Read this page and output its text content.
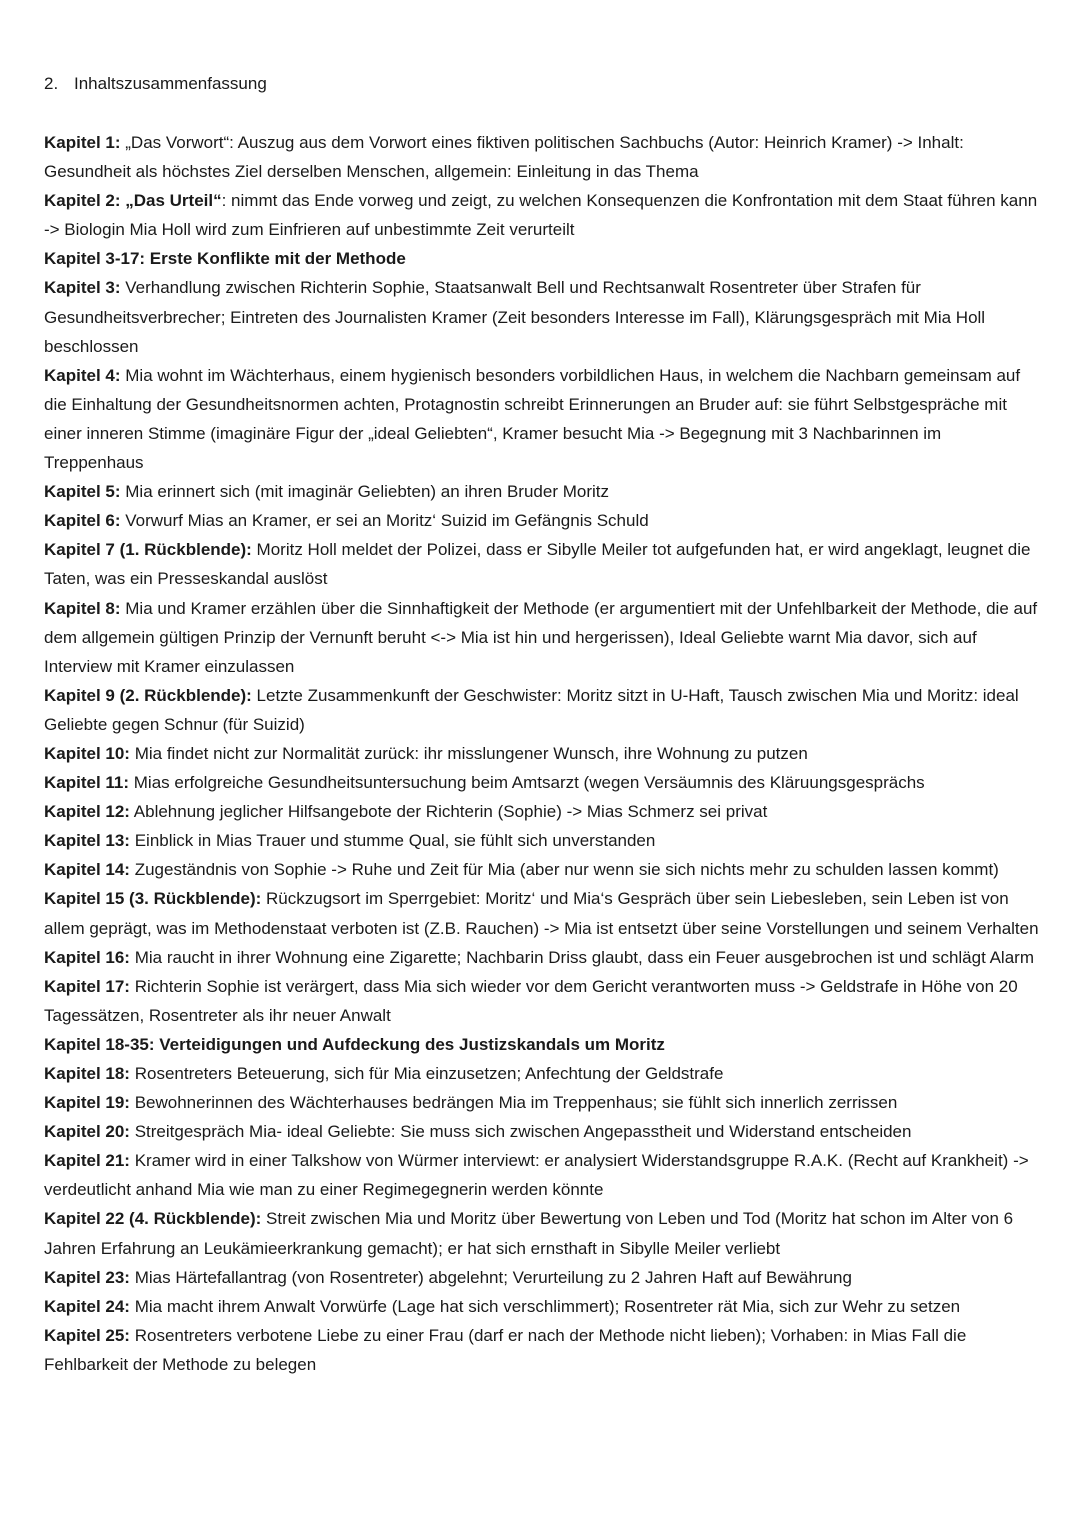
2. Inhaltszusammenfassung

Kapitel 1: „Das Vorwort“: Auszug aus dem Vorwort eines fiktiven politischen Sachbuchs (Autor: Heinrich Kramer) -> Inhalt: Gesundheit als höchstes Ziel derselben Menschen, allgemein: Einleitung in das Thema

Kapitel 2: „Das Urteil“: nimmt das Ende vorweg und zeigt, zu welchen Konsequenzen die Konfrontation mit dem Staat führen kann -> Biologin Mia Holl wird zum Einfrieren auf unbestimmte Zeit verurteilt

Kapitel 3-17: Erste Konflikte mit der Methode

Kapitel 3: Verhandlung zwischen Richterin Sophie, Staatsanwalt Bell und Rechtsanwalt Rosentreter über Strafen für Gesundheitsverbrecher; Eintreten des Journalisten Kramer (Zeit besonders Interesse im Fall), Klärungsgespräch mit Mia Holl beschlossen

Kapitel 4: Mia wohnt im Wächterhaus, einem hygienisch besonders vorbildlichen Haus, in welchem die Nachbarn gemeinsam auf die Einhaltung der Gesundheitsnormen achten, Protagnostin schreibt Erinnerungen an Bruder auf: sie führt Selbstgespräche mit einer inneren Stimme (imaginäre Figur der „ideal Geliebten“, Kramer besucht Mia -> Begegnung mit 3 Nachbarinnen im Treppenhaus

Kapitel 5: Mia erinnert sich (mit imaginär Geliebten) an ihren Bruder Moritz

Kapitel 6: Vorwurf Mias an Kramer, er sei an Moritz‘ Suizid im Gefängnis Schuld

Kapitel 7 (1. Rückblende): Moritz Holl meldet der Polizei, dass er Sibylle Meiler tot aufgefunden hat, er wird angeklagt, leugnet die Taten, was ein Presseskandal auslöst

Kapitel 8: Mia und Kramer erzählen über die Sinnhaftigkeit der Methode (er argumentiert mit der Unfehlbarkeit der Methode, die auf dem allgemein gültigen Prinzip der Vernunft beruht <-> Mia ist hin und hergerissen), Ideal Geliebte warnt Mia davor, sich auf Interview mit Kramer einzulassen

Kapitel 9 (2. Rückblende): Letzte Zusammenkunft der Geschwister: Moritz sitzt in U-Haft, Tausch zwischen Mia und Moritz: ideal Geliebte gegen Schnur (für Suizid)

Kapitel 10: Mia findet nicht zur Normalität zurück: ihr misslungener Wunsch, ihre Wohnung zu putzen

Kapitel 11: Mias erfolgreiche Gesundheitsuntersuchung beim Amtsarzt (wegen Versäumnis des Kläruungsgesprächs

Kapitel 12: Ablehnung jeglicher Hilfsangebote der Richterin (Sophie) -> Mias Schmerz sei privat

Kapitel 13: Einblick in Mias Trauer und stumme Qual, sie fühlt sich unverstanden

Kapitel 14: Zugeständnis von Sophie -> Ruhe und Zeit für Mia (aber nur wenn sie sich nichts mehr zu schulden lassen kommt)

Kapitel 15 (3. Rückblende): Rückzugsort im Sperrgebiet: Moritz‘ und Mia‘s Gespräch über sein Liebesleben, sein Leben ist von allem geprägt, was im Methodenstaat verboten ist (Z.B. Rauchen) -> Mia ist entsetzt über seine Vorstellungen und seinem Verhalten

Kapitel 16: Mia raucht in ihrer Wohnung eine Zigarette; Nachbarin Driss glaubt, dass ein Feuer ausgebrochen ist und schlägt Alarm

Kapitel 17: Richterin Sophie ist verärgert, dass Mia sich wieder vor dem Gericht verantworten muss -> Geldstrafe in Höhe von 20 Tagessätzen, Rosentreter als ihr neuer Anwalt

Kapitel 18-35: Verteidigungen und Aufdeckung des Justizskandals um Moritz

Kapitel 18: Rosentreters Beteuerung, sich für Mia einzusetzen; Anfechtung der Geldstrafe

Kapitel 19: Bewohnerinnen des Wächterhauses bedrängen Mia im Treppenhaus; sie fühlt sich innerlich zerrissen

Kapitel 20: Streitgespräch Mia- ideal Geliebte: Sie muss sich zwischen Angepasstheit und Widerstand entscheiden

Kapitel 21: Kramer wird in einer Talkshow von Würmer interviewt: er analysiert Widerstandsgruppe R.A.K. (Recht auf Krankheit) -> verdeutlicht anhand Mia wie man zu einer Regimegegnerin werden könnte

Kapitel 22 (4. Rückblende): Streit zwischen Mia und Moritz über Bewertung von Leben und Tod (Moritz hat schon im Alter von 6 Jahren Erfahrung an Leukämieerkrankung gemacht); er hat sich ernsthaft in Sibylle Meiler verliebt

Kapitel 23: Mias Härtefallantrag (von Rosentreter) abgelehnt; Verurteilung zu 2 Jahren Haft auf Bewährung

Kapitel 24: Mia macht ihrem Anwalt Vorwürfe (Lage hat sich verschlimmert); Rosentreter rät Mia, sich zur Wehr zu setzen

Kapitel 25: Rosentreters verbotene Liebe zu einer Frau (darf er nach der Methode nicht lieben); Vorhaben: in Mias Fall die Fehlbarkeit der Methode zu belegen
